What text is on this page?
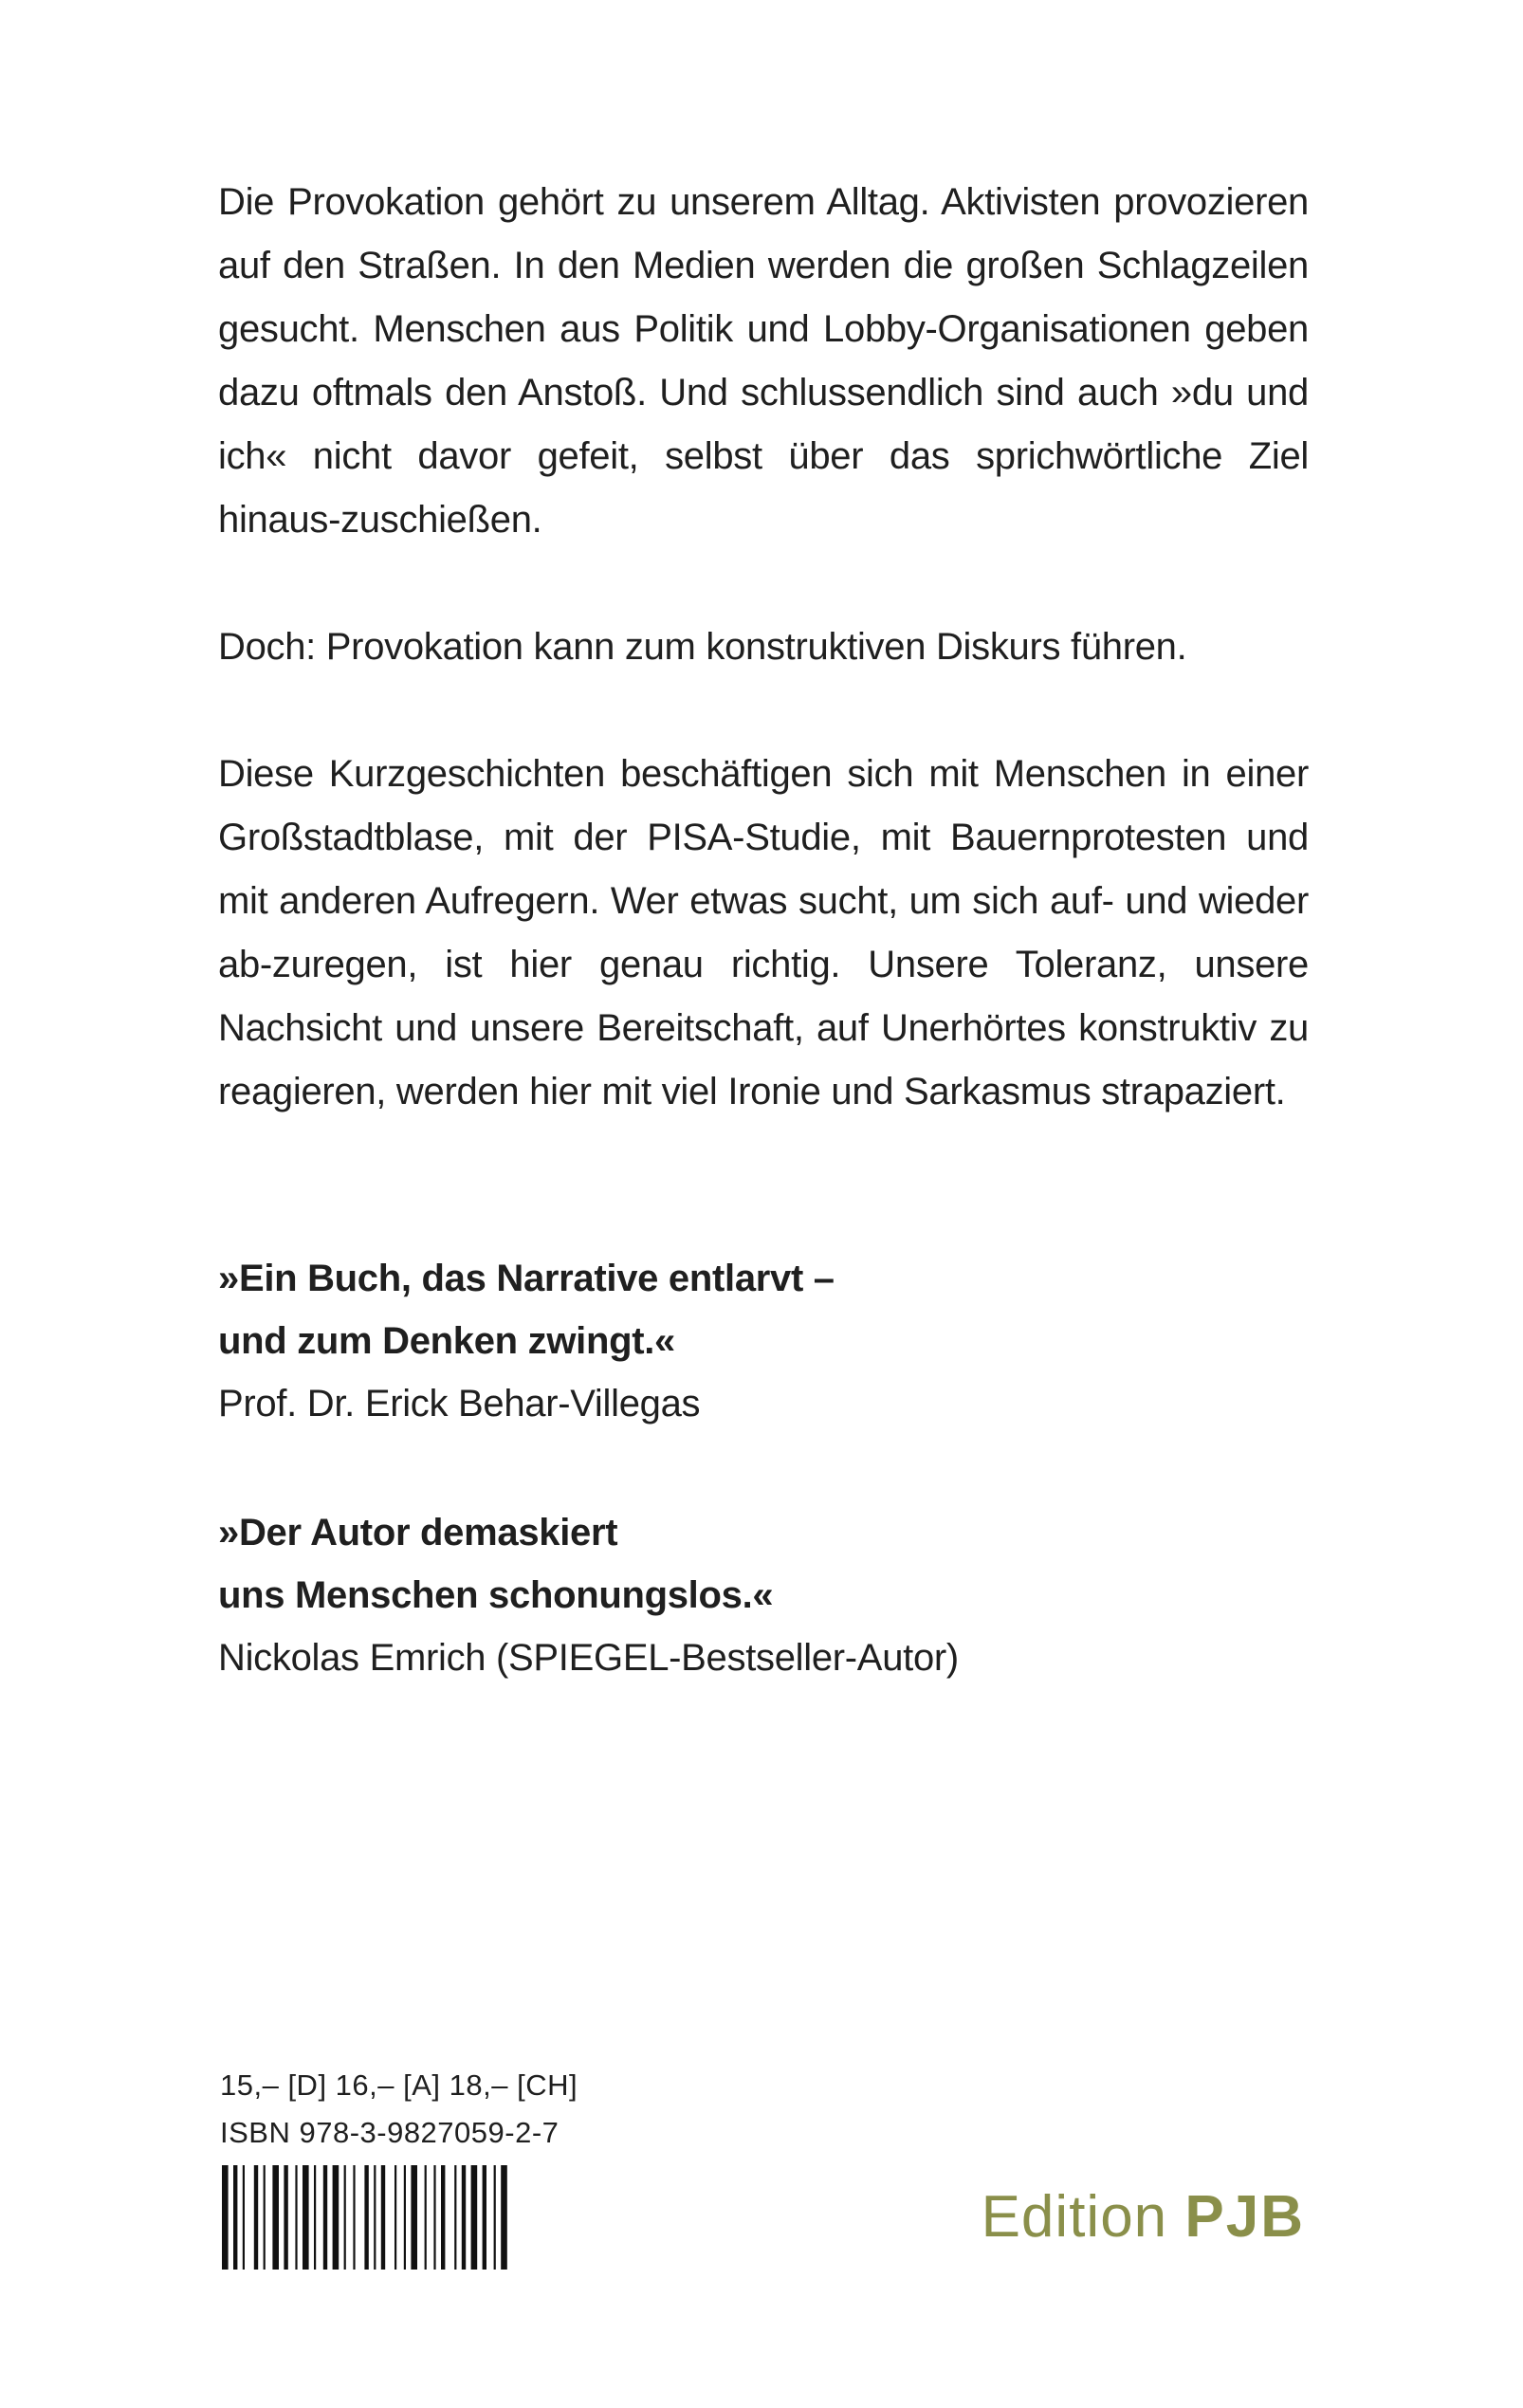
Die Provokation gehört zu unserem Alltag. Aktivisten provozieren auf den Straßen. In den Medien werden die großen Schlagzeilen gesucht. Menschen aus Politik und Lobby-Organisationen geben dazu oftmals den Anstoß. Und schlussendlich sind auch »du und ich« nicht davor gefeit, selbst über das sprichwörtliche Ziel hinaus-zuschießen.

Doch: Provokation kann zum konstruktiven Diskurs führen.

Diese Kurzgeschichten beschäftigen sich mit Menschen in einer Großstadtblase, mit der PISA-Studie, mit Bauernprotesten und mit anderen Aufregern. Wer etwas sucht, um sich auf- und wieder ab-zuregen, ist hier genau richtig. Unsere Toleranz, unsere Nachsicht und unsere Bereitschaft, auf Unerhörtes konstruktiv zu reagieren, werden hier mit viel Ironie und Sarkasmus strapaziert.

»Ein Buch, das Narrative entlarvt –
und zum Denken zwingt.«
Prof. Dr. Erick Behar-Villegas
»Der Autor demaskiert
uns Menschen schonungslos.«
Nickolas Emrich (SPIEGEL-Bestseller-Autor)
15,– [D] 16,– [A] 18,– [CH]
ISBN 978-3-9827059-2-7
Edition PJB
